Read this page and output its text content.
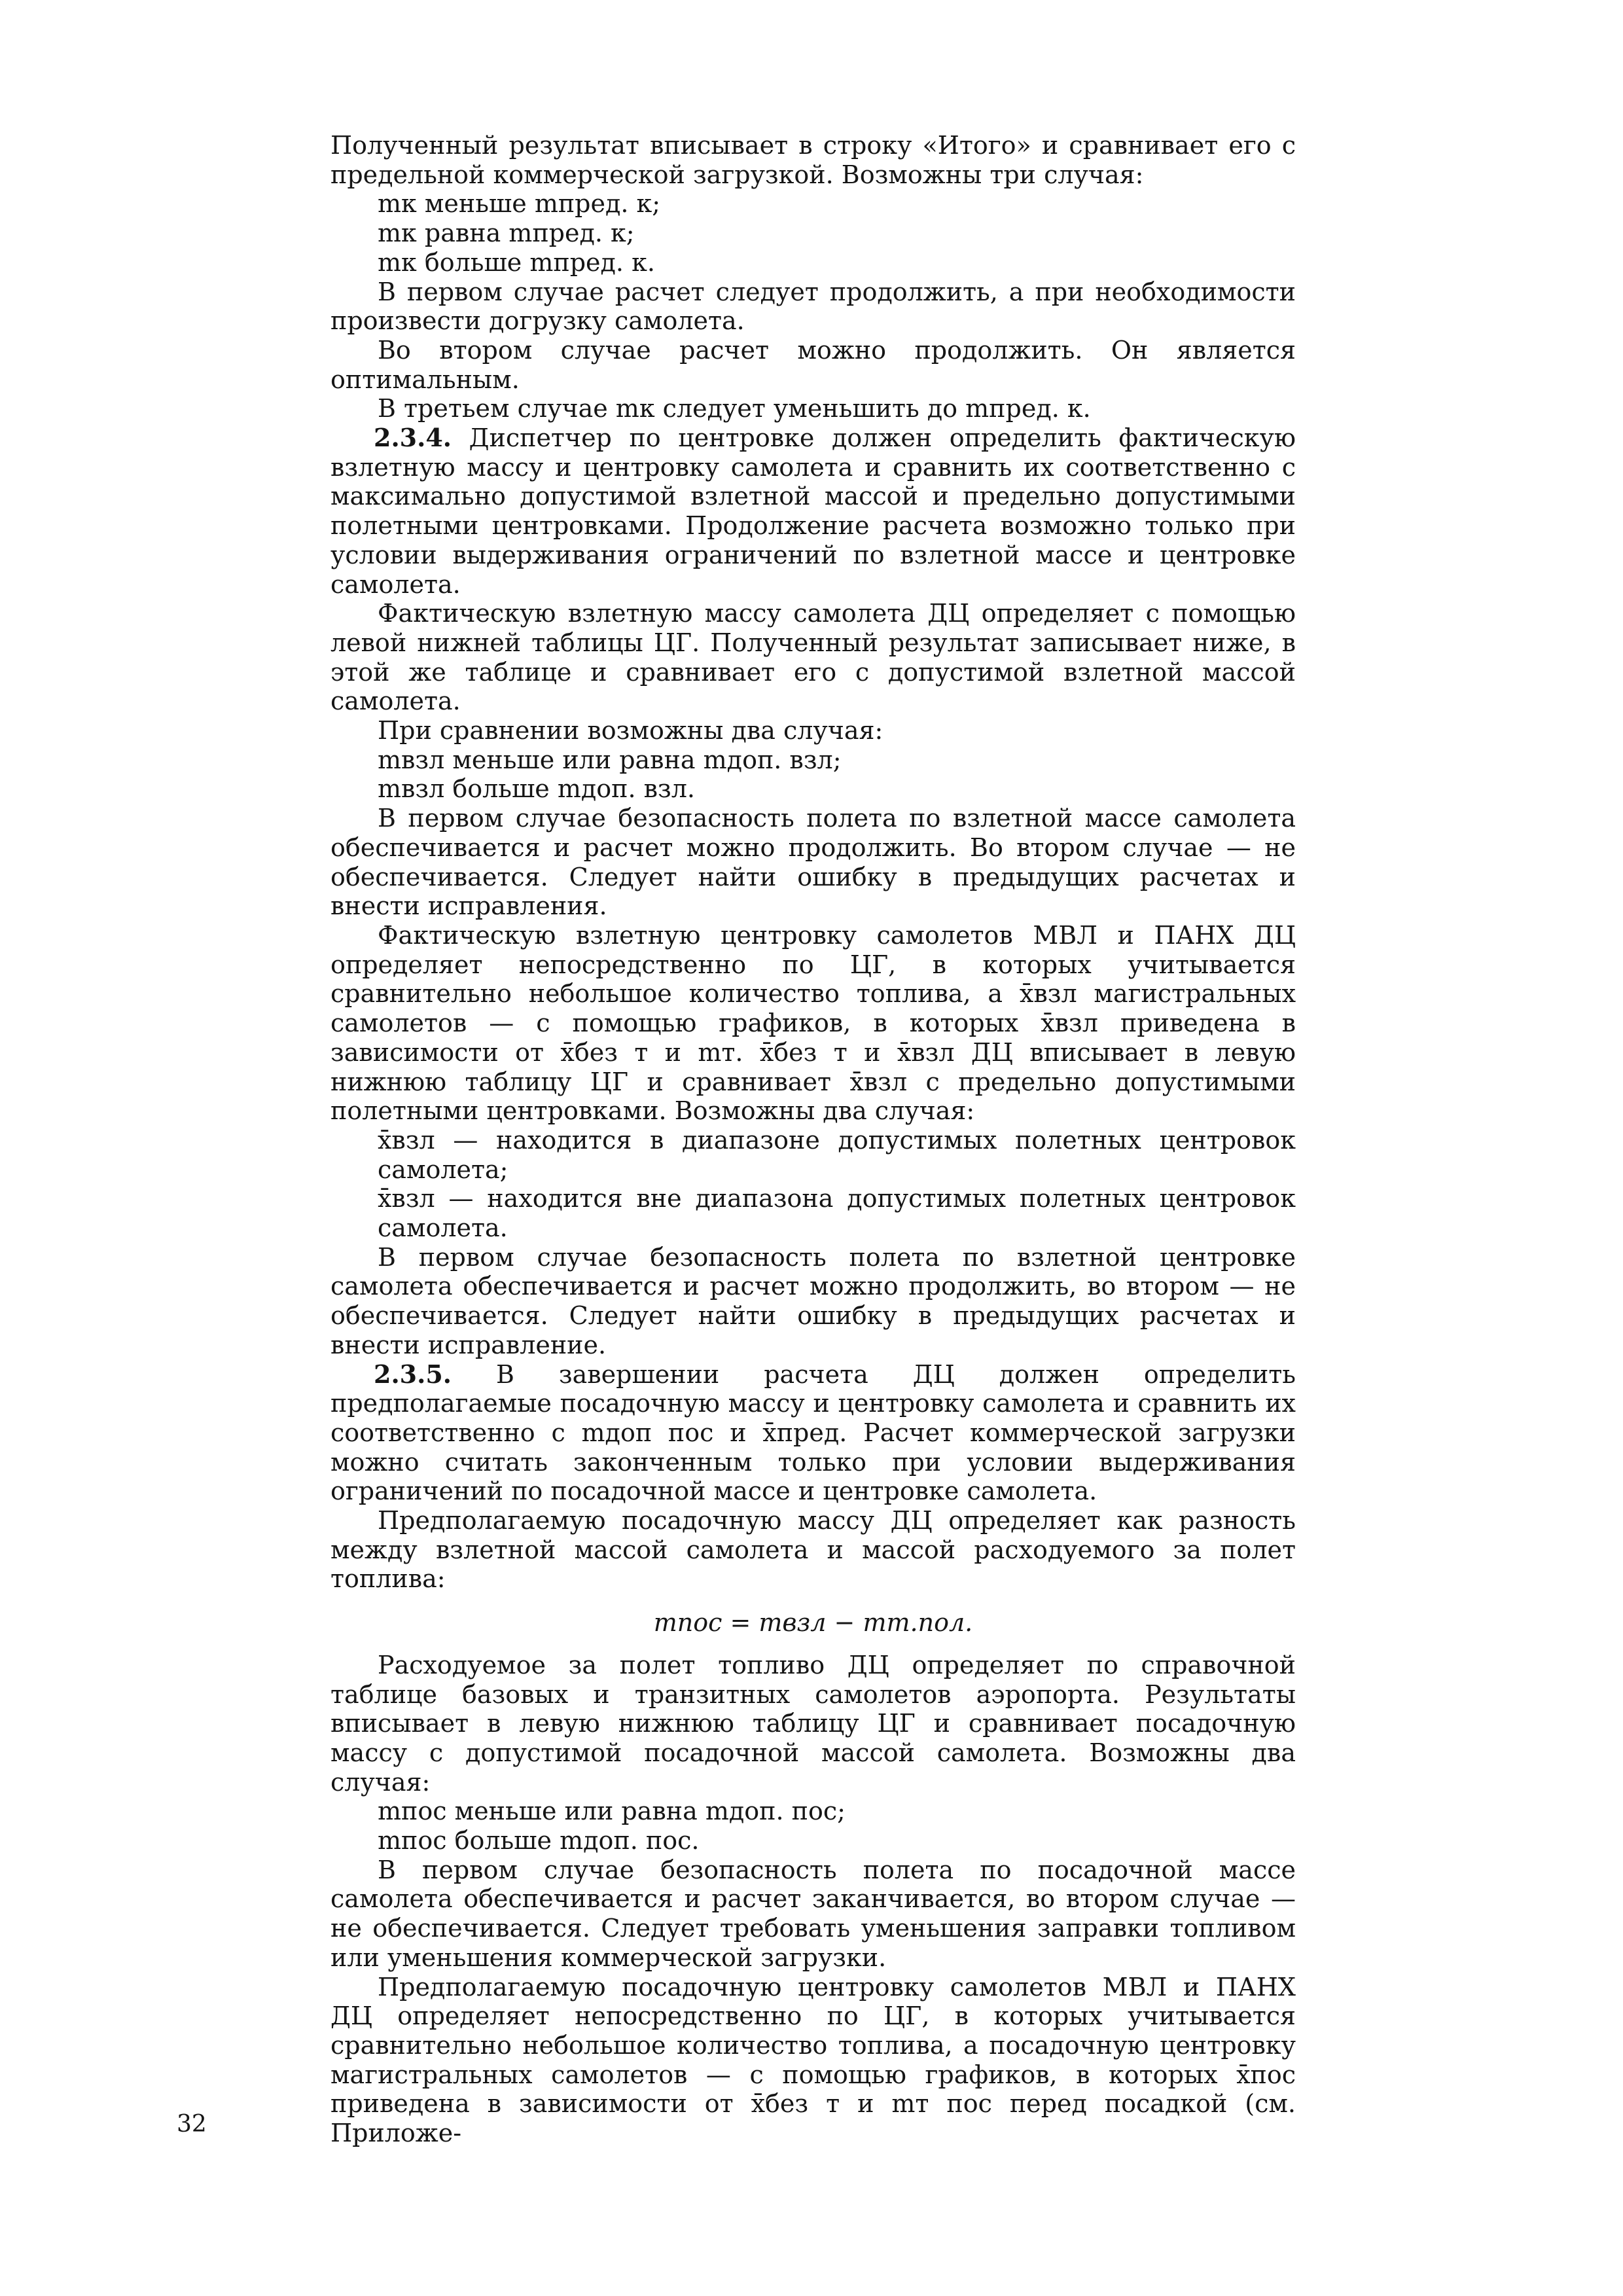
Полученный результат вписывает в строку «Итого» и сравнивает его с предельной коммерческой загрузкой. Возможны три случая:

mк меньше mпред. к;

mк равна mпред. к;

mк больше mпред. к.

В первом случае расчет следует продолжить, а при необходимости произвести догрузку самолета.

Во втором случае расчет можно продолжить. Он является оптимальным.

В третьем случае mк следует уменьшить до mпред. к.

2.3.4. Диспетчер по центровке должен определить фактическую взлетную массу и центровку самолета и сравнить их соответственно с максимально допустимой взлетной массой и предельно допустимыми полетными центровками. Продолжение расчета возможно только при условии выдерживания ограничений по взлетной массе и центровке самолета.

Фактическую взлетную массу самолета ДЦ определяет с помощью левой нижней таблицы ЦГ. Полученный результат записывает ниже, в этой же таблице и сравнивает его с допустимой взлетной массой самолета.

При сравнении возможны два случая:

mвзл меньше или равна mдоп. взл;

mвзл больше mдоп. взл.

В первом случае безопасность полета по взлетной массе самолета обеспечивается и расчет можно продолжить. Во втором случае — не обеспечивается. Следует найти ошибку в предыдущих расчетах и внести исправления.

Фактическую взлетную центровку самолетов МВЛ и ПАНХ ДЦ определяет непосредственно по ЦГ, в которых учитывается сравнительно небольшое количество топлива, а x̄взл магистральных самолетов — с помощью графиков, в которых x̄взл приведена в зависимости от x̄без т и mт. x̄без т и x̄взл ДЦ вписывает в левую нижнюю таблицу ЦГ и сравнивает x̄взл с предельно допустимыми полетными центровками. Возможны два случая:

x̄взл — находится в диапазоне допустимых полетных центровок самолета;

x̄взл — находится вне диапазона допустимых полетных центровок самолета.

В первом случае безопасность полета по взлетной центровке самолета обеспечивается и расчет можно продолжить, во втором — не обеспечивается. Следует найти ошибку в предыдущих расчетах и внести исправление.

2.3.5. В завершении расчета ДЦ должен определить предполагаемые посадочную массу и центровку самолета и сравнить их соответственно с mдоп пос и x̄пред. Расчет коммерческой загрузки можно считать законченным только при условии выдерживания ограничений по посадочной массе и центровке самолета.

Предполагаемую посадочную массу ДЦ определяет как разность между взлетной массой самолета и массой расходуемого за полет топлива:

mпос = mвзл − mт.пол.

Расходуемое за полет топливо ДЦ определяет по справочной таблице базовых и транзитных самолетов аэропорта. Результаты вписывает в левую нижнюю таблицу ЦГ и сравнивает посадочную массу с допустимой посадочной массой самолета. Возможны два случая:

mпос меньше или равна mдоп. пос;

mпос больше mдоп. пос.

В первом случае безопасность полета по посадочной массе самолета обеспечивается и расчет заканчивается, во втором случае — не обеспечивается. Следует требовать уменьшения заправки топливом или уменьшения коммерческой загрузки.

Предполагаемую посадочную центровку самолетов МВЛ и ПАНХ ДЦ определяет непосредственно по ЦГ, в которых учитывается сравнительно небольшое количество топлива, а посадочную центровку магистральных самолетов — с помощью графиков, в которых x̄пос приведена в зависимости от x̄без т и mт пос перед посадкой (см. Приложе-

32
